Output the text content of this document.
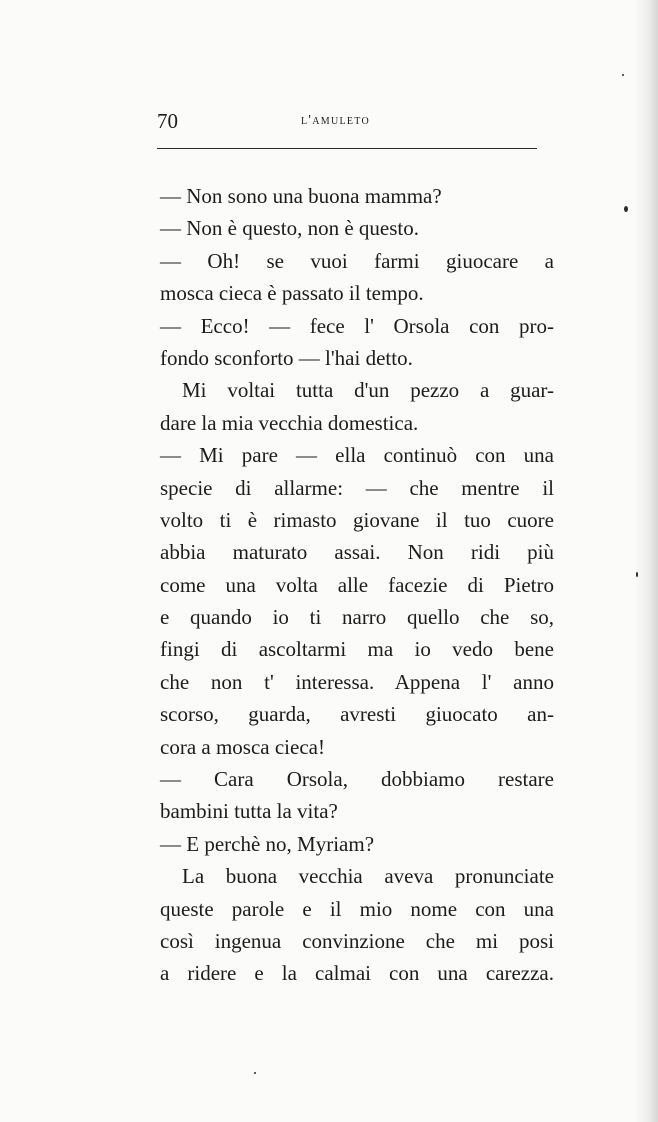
70	l'amuleto
— Non sono una buona mamma?
— Non è questo, non è questo.
— Oh! se vuoi farmi giuocare a
mosca cieca è passato il tempo.
— Ecco! — fece l' Orsola con pro-
fondo sconforto — l'hai detto.
Mi voltai tutta d'un pezzo a guar-
dare la mia vecchia domestica.
— Mi pare — ella continuò con una
specie di allarme: — che mentre il
volto ti è rimasto giovane il tuo cuore
abbia maturato assai. Non ridi più
come una volta alle facezie di Pietro
e quando io ti narro quello che so,
fingi di ascoltarmi ma io vedo bene
che non t' interessa. Appena l' anno
scorso, guarda, avresti giuocato an-
cora a mosca cieca!
— Cara Orsola, dobbiamo restare
bambini tutta la vita?
— E perchè no, Myriam?
La buona vecchia aveva pronunciate
queste parole e il mio nome con una
così ingenua convinzione che mi posi
a ridere e la calmai con una carezza.
